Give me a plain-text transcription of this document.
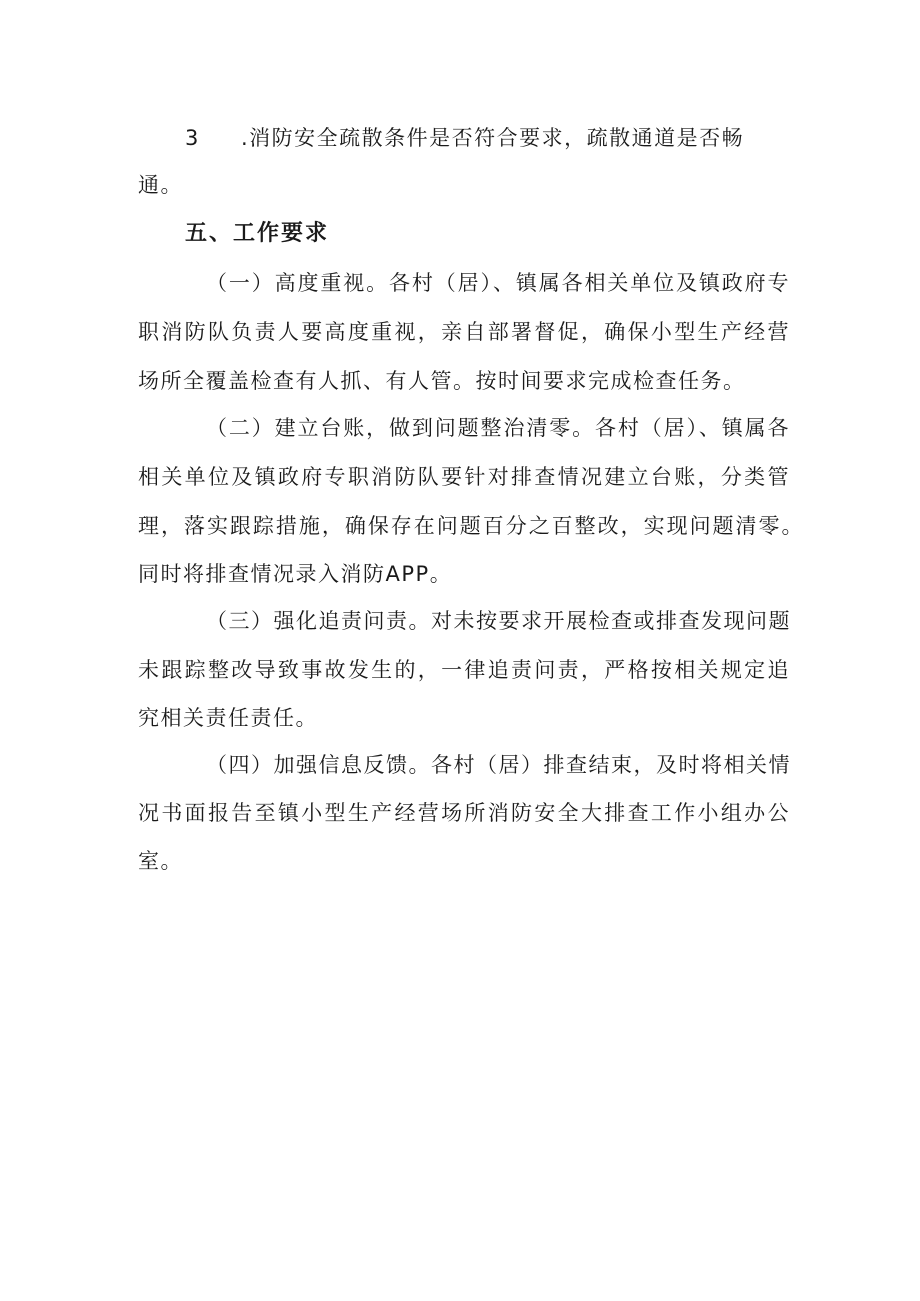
3 .消防安全疏散条件是否符合要求，疏散通道是否畅
通。
五、工作要求
（一）高度重视。各村（居）、镇属各相关单位及镇政府专
职消防队负责人要高度重视，亲自部署督促，确保小型生产经营
场所全覆盖检查有人抓、有人管。按时间要求完成检查任务。
（二）建立台账，做到问题整治清零。各村（居）、镇属各
相关单位及镇政府专职消防队要针对排查情况建立台账，分类管
理，落实跟踪措施，确保存在问题百分之百整改，实现问题清零。
同时将排查情况录入消防APP。
（三）强化追责问责。对未按要求开展检查或排查发现问题
未跟踪整改导致事故发生的，一律追责问责，严格按相关规定追
究相关责任责任。
（四）加强信息反馈。各村（居）排查结束，及时将相关情
况书面报告至镇小型生产经营场所消防安全大排查工作小组办公
室。
